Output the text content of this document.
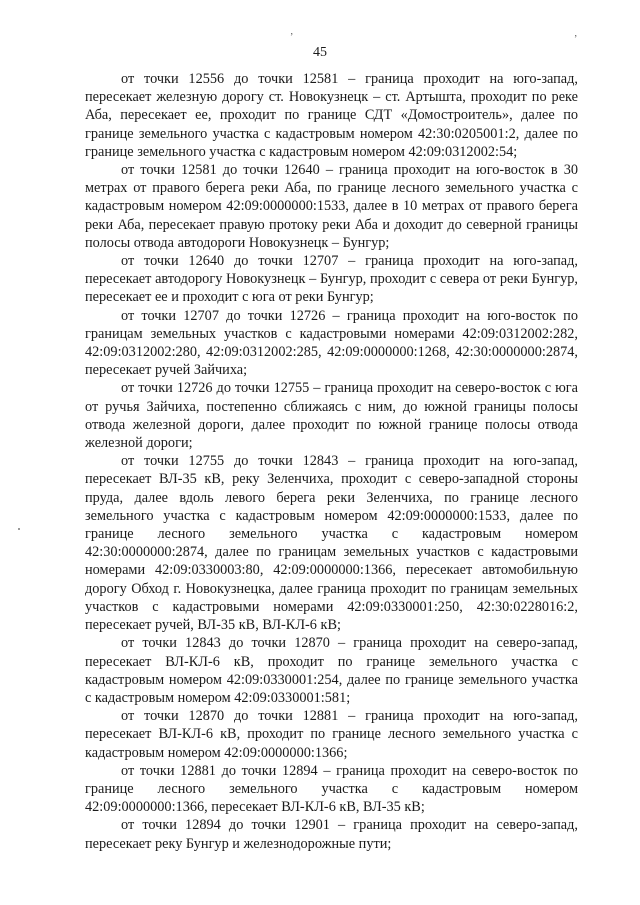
ʼ	ʼ
45

от точки 12556 до точки 12581 – граница проходит на юго-запад, пересекает железную дорогу ст. Новокузнецк – ст. Артышта, проходит по реке Аба, пересекает ее, проходит по границе СДТ «Домостроитель», далее по границе земельного участка с кадастровым номером 42:30:0205001:2, далее по границе земельного участка с кадастровым номером 42:09:0312002:54;

от точки 12581 до точки 12640 – граница проходит на юго-восток в 30 метрах от правого берега реки Аба, по границе лесного земельного участка с кадастровым номером 42:09:0000000:1533, далее в 10 метрах от правого берега реки Аба, пересекает правую протоку реки Аба и доходит до северной границы полосы отвода автодороги Новокузнецк – Бунгур;

от точки 12640 до точки 12707 – граница проходит на юго-запад, пересекает автодорогу Новокузнецк – Бунгур, проходит с севера от реки Бунгур, пересекает ее и проходит с юга от реки Бунгур;

от точки 12707 до точки 12726 – граница проходит на юго-восток по границам земельных участков с кадастровыми номерами 42:09:0312002:282, 42:09:0312002:280, 42:09:0312002:285, 42:09:0000000:1268, 42:30:0000000:2874, пересекает ручей Зайчиха;

от точки 12726 до точки 12755 – граница проходит на северо-восток с юга от ручья Зайчиха, постепенно сближаясь с ним, до южной границы полосы отвода железной дороги, далее проходит по южной границе полосы отвода железной дороги;

от точки 12755 до точки 12843 – граница проходит на юго-запад, пересекает ВЛ-35 кВ, реку Зеленчиха, проходит с северо-западной стороны пруда, далее вдоль левого берега реки Зеленчиха, по границе лесного земельного участка с кадастровым номером 42:09:0000000:1533, далее по границе лесного земельного участка с кадастровым номером 42:30:0000000:2874, далее по границам земельных участков с кадастровыми номерами 42:09:0330003:80, 42:09:0000000:1366, пересекает автомобильную дорогу Обход г. Новокузнецка, далее граница проходит по границам земельных участков с кадастровыми номерами 42:09:0330001:250, 42:30:0228016:2, пересекает ручей, ВЛ-35 кВ, ВЛ-КЛ-6 кВ;

от точки 12843 до точки 12870 – граница проходит на северо-запад, пересекает ВЛ-КЛ-6 кВ, проходит по границе земельного участка с кадастровым номером 42:09:0330001:254, далее по границе земельного участка с кадастровым номером 42:09:0330001:581;

от точки 12870 до точки 12881 – граница проходит на юго-запад, пересекает ВЛ-КЛ-6 кВ, проходит по границе лесного земельного участка с кадастровым номером 42:09:0000000:1366;

от точки 12881 до точки 12894 – граница проходит на северо-восток по границе лесного земельного участка с кадастровым номером 42:09:0000000:1366, пересекает ВЛ-КЛ-6 кВ, ВЛ-35 кВ;

от точки 12894 до точки 12901 – граница проходит на северо-запад, пересекает реку Бунгур и железнодорожные пути;
